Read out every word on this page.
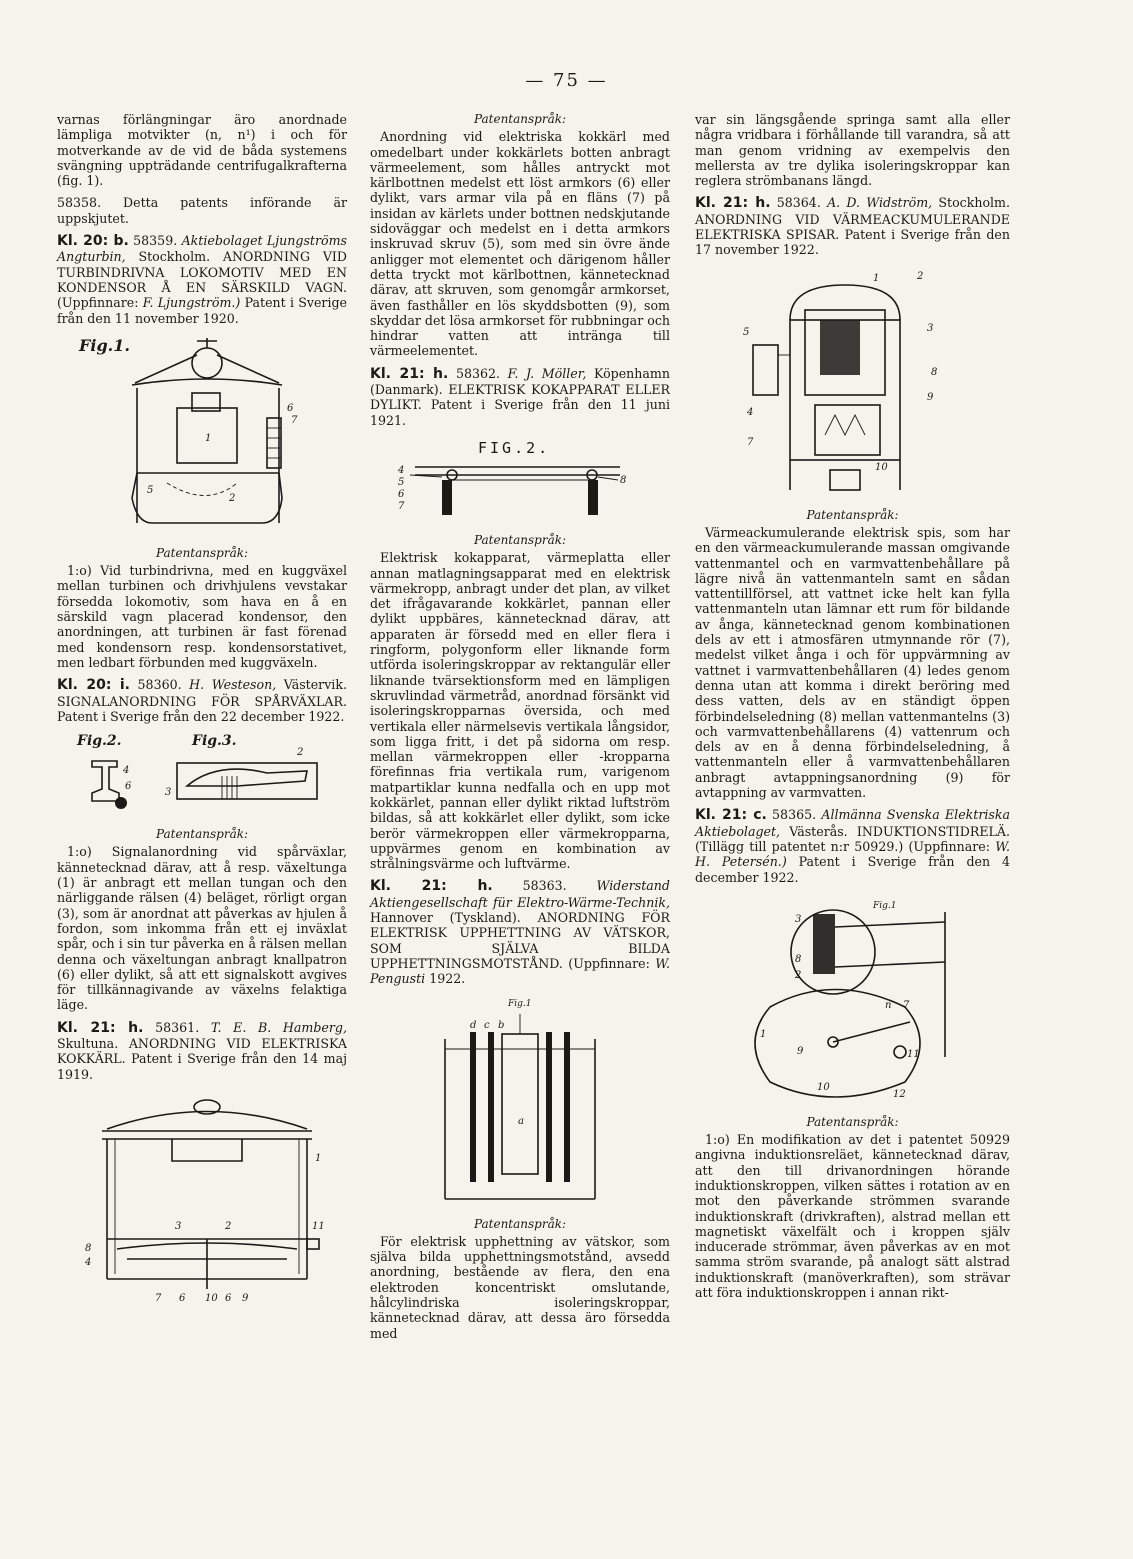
— 75 —

varnas förlängningar äro anordnade lämpliga motvikter (n, n¹) i och för motverkande av de vid de båda systemens svängning uppträdande centrifugalkrafterna (fig. 1).

58358. Detta patents införande är uppskjutet.

Kl. 20: b. 58359. Aktiebolaget Ljungströms Angturbin, Stockholm. ANORDNING VID TURBINDRIVNA LOKOMOTIV MED EN KONDENSOR Å EN SÄRSKILD VAGN. (Uppfinnare: F. Ljungström.) Patent i Sverige från den 11 november 1920.

Fig.1.
1
6
7
5
2

Patentanspråk:

1:o) Vid turbindrivna, med en kuggväxel mellan turbinen och drivhjulens vevstakar försedda lokomotiv, som hava en å en särskild vagn placerad kondensor, den anordningen, att turbinen är fast förenad med kondensorn resp. kondensorstativet, men ledbart förbunden med kuggväxeln.

Kl. 20: i. 58360. H. Westeson, Västervik. SIGNALANORDNING FÖR SPÅRVÄXLAR. Patent i Sverige från den 22 december 1922.

Fig.2.	Fig.3.
4
6
2
3

Patentanspråk:

1:o) Signalanordning vid spårväxlar, kännetecknad därav, att å resp. växeltunga (1) är anbragt ett mellan tungan och den närliggande rälsen (4) beläget, rörligt organ (3), som är anordnat att påverkas av hjulen å fordon, som inkomma från ett ej inväxlat spår, och i sin tur påverka en å rälsen mellan denna och växeltungan anbragt knallpatron (6) eller dylikt, så att ett signalskott avgives för tillkännagivande av växelns felaktiga läge.

Kl. 21: h. 58361. T. E. B. Hamberg, Skultuna. ANORDNING VID ELEKTRISKA KOKKÄRL. Patent i Sverige från den 14 maj 1919.

1
3	2
8
4
11
7 6 10 6 9

Patentanspråk:

Anordning vid elektriska kokkärl med omedelbart under kokkärlets botten anbragt värmeelement, som hålles antryckt mot kärlbottnen medelst ett löst armkors (6) eller dylikt, vars armar vila på en fläns (7) på insidan av kärlets under bottnen nedskjutande sidoväggar och medelst en i detta armkors inskruvad skruv (5), som med sin övre ände anligger mot elementet och därigenom håller detta tryckt mot kärlbottnen, kännetecknad därav, att skruven, som genomgår armkorset, även fasthåller en lös skyddsbotten (9), som skyddar det lösa armkorset för rubbningar och hindrar vatten att intränga till värmeelementet.

Kl. 21: h. 58362. F. J. Möller, Köpenhamn (Danmark). ELEKTRISK KOKAPPARAT ELLER DYLIKT. Patent i Sverige från den 11 juni 1921.

FIG.2.
4
5
6
7
8

Patentanspråk:

Elektrisk kokapparat, värmeplatta eller annan matlagningsapparat med en elektrisk värmekropp, anbragt under det plan, av vilket det ifrågavarande kokkärlet, pannan eller dylikt uppbäres, kännetecknad därav, att apparaten är försedd med en eller flera i ringform, polygonform eller liknande form utförda isoleringskroppar av rektangulär eller liknande tvärsektionsform med en lämpligen skruvlindad värmetråd, anordnad försänkt vid isoleringskropparnas översida, och med vertikala eller närmelsevis vertikala långsidor, som ligga fritt, i det på sidorna om resp. mellan värmekroppen eller -kropparna förefinnas fria vertikala rum, varigenom matpartiklar kunna nedfalla och en upp mot kokkärlet, pannan eller dylikt riktad luftström bildas, så att kokkärlet eller dylikt, som icke berör värmekroppen eller värmekropparna, uppvärmes genom en kombination av strålningsvärme och luftvärme.

Kl. 21: h. 58363. Widerstand Aktiengesellschaft für Elektro-Wärme-Technik, Hannover (Tyskland). ANORDNING FÖR ELEKTRISK UPPHETTNING AV VÄTSKOR, SOM SJÄLVA BILDA UPPHETTNINGSMOTSTÅND. (Uppfinnare: W. Pengusti 1922.

Fig.1
a
d c b

Patentanspråk:

För elektrisk upphettning av vätskor, som själva bilda upphettningsmotstånd, avsedd anordning, bestående av flera, den ena elektroden koncentriskt omslutande, hålcylindriska isoleringskroppar, kännetecknad därav, att dessa äro försedda med

var sin längsgående springa samt alla eller några vridbara i förhållande till varandra, så att man genom vridning av exempelvis den mellersta av tre dylika isoleringskroppar kan reglera strömbanans längd.

Kl. 21: h. 58364. A. D. Widström, Stockholm. ANORDNING VID VÄRMEACKUMULERANDE ELEKTRISKA SPISAR. Patent i Sverige från den 17 november 1922.

1	2
5	3
8
9
4
7
10

Patentanspråk:

Värmeackumulerande elektrisk spis, som har en den värmeackumulerande massan omgivande vattenmantel och en varmvattenbehållare på lägre nivå än vattenmanteln samt en sådan vattentillförsel, att vattnet icke helt kan fylla vattenmanteln utan lämnar ett rum för bildande av ånga, kännetecknad genom kombinationen dels av ett i atmosfären utmynnande rör (7), medelst vilket ånga i och för uppvärmning av vattnet i varmvattenbehållaren (4) ledes genom denna utan att komma i direkt beröring med dess vatten, dels av en ständigt öppen förbindelseledning (8) mellan vattenmantelns (3) och varmvattenbehållarens (4) vattenrum och dels av en å denna förbindelseledning, å vattenmanteln eller å varmvattenbehållaren anbragt avtappningsanordning (9) för avtappning av varmvatten.

Kl. 21: c. 58365. Allmänna Svenska Elektriska Aktiebolaget, Västerås. INDUKTIONSTIDRELÄ. (Tillägg till patentet n:r 50929.) (Uppfinnare: W. H. Petersén.) Patent i Sverige från den 4 december 1922.

Fig.1
3
8
2
n 7
1
9	11
10
12

Patentanspråk:

1:o) En modifikation av det i patentet 50929 angivna induktionsreläet, kännetecknad därav, att den till drivanordningen hörande induktionskroppen, vilken sättes i rotation av en mot den påverkande strömmen svarande induktionskraft (drivkraften), alstrad mellan ett magnetiskt växelfält och i kroppen själv inducerade strömmar, även påverkas av en mot samma ström svarande, på analogt sätt alstrad induktionskraft (manöverkraften), som strävar att föra induktionskroppen i annan rikt-
